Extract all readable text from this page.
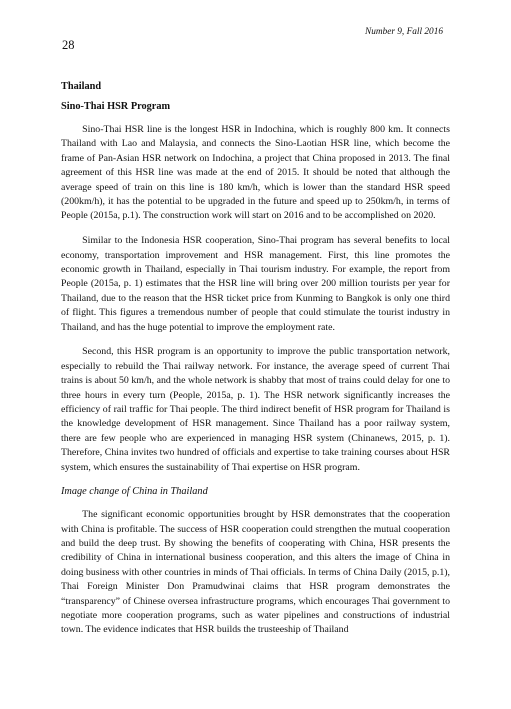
Number 9, Fall 2016
28
Thailand
Sino-Thai HSR Program

Sino-Thai HSR line is the longest HSR in Indochina, which is roughly 800 km. It connects Thailand with Lao and Malaysia, and connects the Sino-Laotian HSR line, which become the frame of Pan-Asian HSR network on Indochina, a project that China proposed in 2013. The final agreement of this HSR line was made at the end of 2015. It should be noted that although the average speed of train on this line is 180 km/h, which is lower than the standard HSR speed (200km/h), it has the potential to be upgraded in the future and speed up to 250km/h, in terms of People (2015a, p.1). The construction work will start on 2016 and to be accomplished on 2020.

Similar to the Indonesia HSR cooperation, Sino-Thai program has several benefits to local economy, transportation improvement and HSR management. First, this line promotes the economic growth in Thailand, especially in Thai tourism industry. For example, the report from People (2015a, p. 1) estimates that the HSR line will bring over 200 million tourists per year for Thailand, due to the reason that the HSR ticket price from Kunming to Bangkok is only one third of flight. This figures a tremendous number of people that could stimulate the tourist industry in Thailand, and has the huge potential to improve the employment rate.

Second, this HSR program is an opportunity to improve the public transportation network, especially to rebuild the Thai railway network. For instance, the average speed of current Thai trains is about 50 km/h, and the whole network is shabby that most of trains could delay for one to three hours in every turn (People, 2015a, p. 1). The HSR network significantly increases the efficiency of rail traffic for Thai people. The third indirect benefit of HSR program for Thailand is the knowledge development of HSR management. Since Thailand has a poor railway system, there are few people who are experienced in managing HSR system (Chinanews, 2015, p. 1). Therefore, China invites two hundred of officials and expertise to take training courses about HSR system, which ensures the sustainability of Thai expertise on HSR program.

Image change of China in Thailand

The significant economic opportunities brought by HSR demonstrates that the cooperation with China is profitable. The success of HSR cooperation could strengthen the mutual cooperation and build the deep trust. By showing the benefits of cooperating with China, HSR presents the credibility of China in international business cooperation, and this alters the image of China in doing business with other countries in minds of Thai officials. In terms of China Daily (2015, p.1), Thai Foreign Minister Don Pramudwinai claims that HSR program demonstrates the “transparency” of Chinese oversea infrastructure programs, which encourages Thai government to negotiate more cooperation programs, such as water pipelines and constructions of industrial town. The evidence indicates that HSR builds the trusteeship of Thailand
